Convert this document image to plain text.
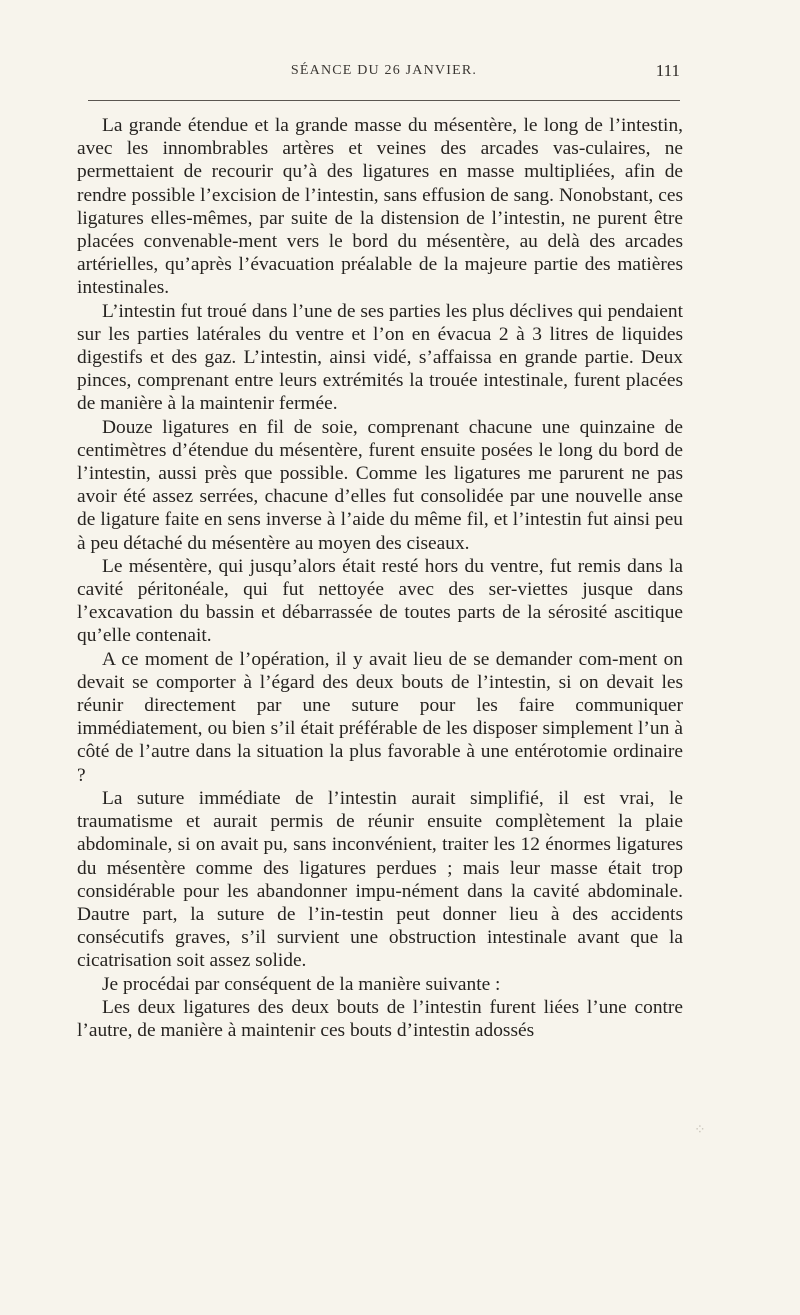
SÉANCE DU 26 JANVIER.	111

La grande étendue et la grande masse du mésentère, le long de l’intestin, avec les innombrables artères et veines des arcades vas-culaires, ne permettaient de recourir qu’à des ligatures en masse multipliées, afin de rendre possible l’excision de l’intestin, sans effusion de sang. Nonobstant, ces ligatures elles-mêmes, par suite de la distension de l’intestin, ne purent être placées convenable-ment vers le bord du mésentère, au delà des arcades artérielles, qu’après l’évacuation préalable de la majeure partie des matières intestinales.

L’intestin fut troué dans l’une de ses parties les plus déclives qui pendaient sur les parties latérales du ventre et l’on en évacua 2 à 3 litres de liquides digestifs et des gaz. L’intestin, ainsi vidé, s’affaissa en grande partie. Deux pinces, comprenant entre leurs extrémités la trouée intestinale, furent placées de manière à la maintenir fermée.

Douze ligatures en fil de soie, comprenant chacune une quinzaine de centimètres d’étendue du mésentère, furent ensuite posées le long du bord de l’intestin, aussi près que possible. Comme les ligatures me parurent ne pas avoir été assez serrées, chacune d’elles fut consolidée par une nouvelle anse de ligature faite en sens inverse à l’aide du même fil, et l’intestin fut ainsi peu à peu détaché du mésentère au moyen des ciseaux.

Le mésentère, qui jusqu’alors était resté hors du ventre, fut remis dans la cavité péritonéale, qui fut nettoyée avec des ser-viettes jusque dans l’excavation du bassin et débarrassée de toutes parts de la sérosité ascitique qu’elle contenait.

A ce moment de l’opération, il y avait lieu de se demander com-ment on devait se comporter à l’égard des deux bouts de l’intestin, si on devait les réunir directement par une suture pour les faire communiquer immédiatement, ou bien s’il était préférable de les disposer simplement l’un à côté de l’autre dans la situation la plus favorable à une entérotomie ordinaire ?

La suture immédiate de l’intestin aurait simplifié, il est vrai, le traumatisme et aurait permis de réunir ensuite complètement la plaie abdominale, si on avait pu, sans inconvénient, traiter les 12 énormes ligatures du mésentère comme des ligatures perdues ; mais leur masse était trop considérable pour les abandonner impu-nément dans la cavité abdominale. Dautre part, la suture de l’in-testin peut donner lieu à des accidents consécutifs graves, s’il survient une obstruction intestinale avant que la cicatrisation soit assez solide.

Je procédai par conséquent de la manière suivante :

Les deux ligatures des deux bouts de l’intestin furent liées l’une contre l’autre, de manière à maintenir ces bouts d’intestin adossés

⁘
